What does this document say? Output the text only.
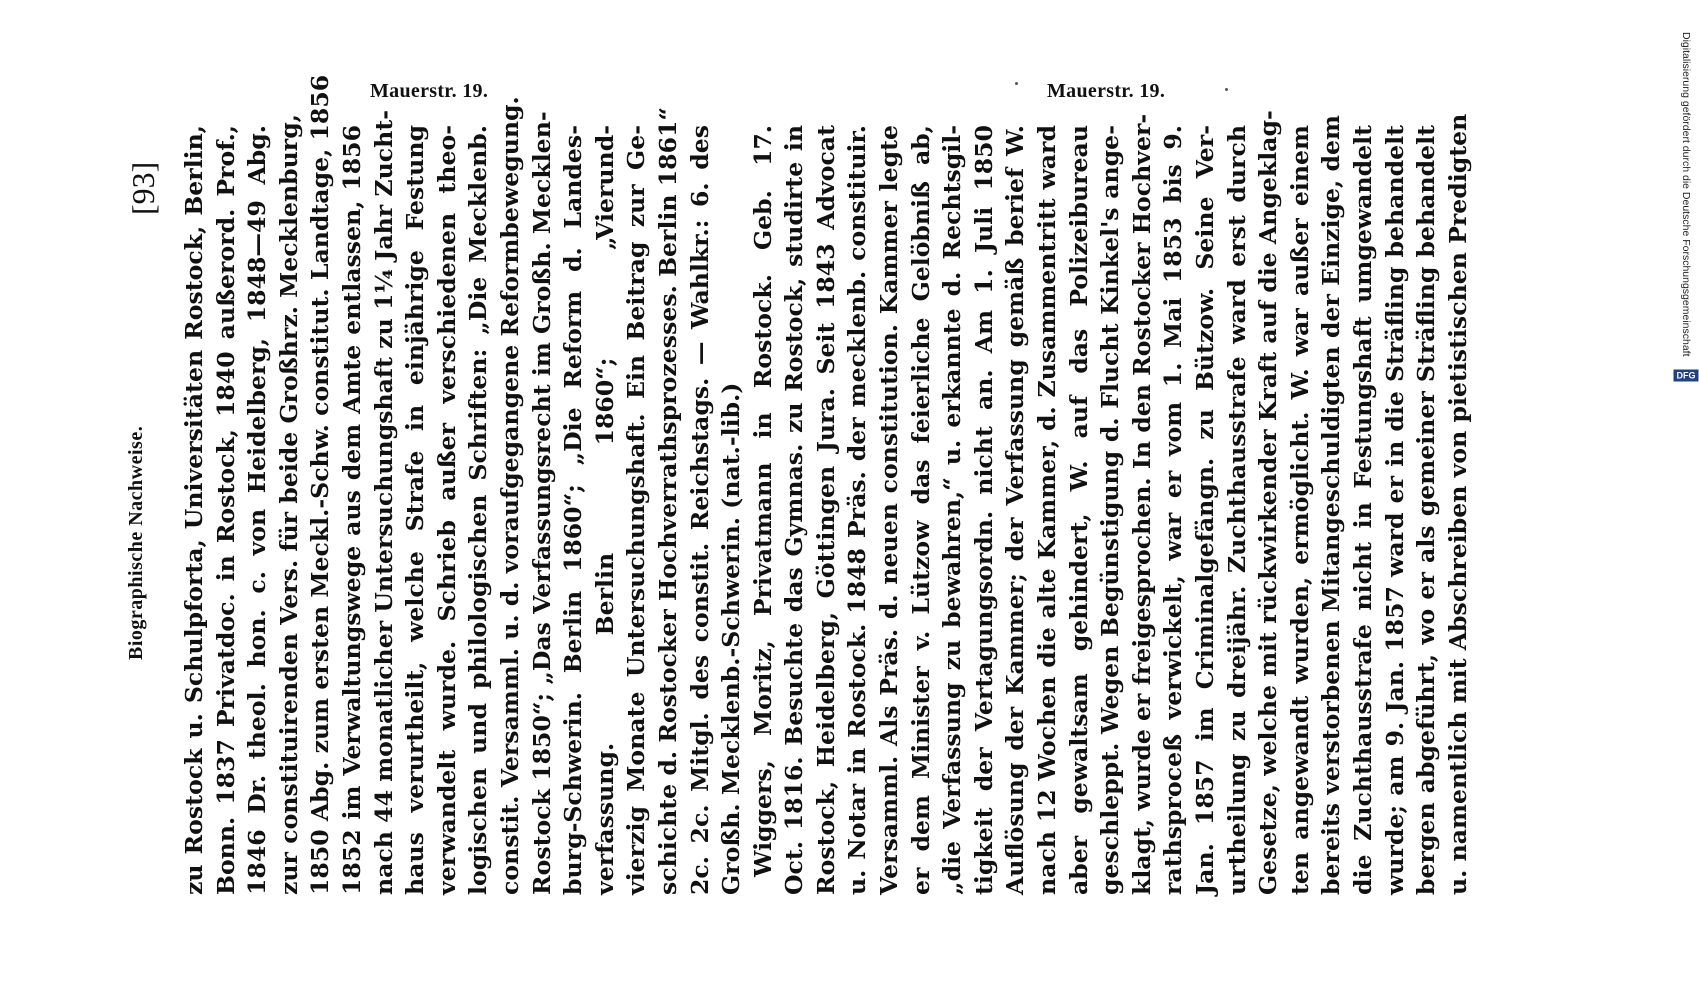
Mauerstr. 19.	Mauerstr. 19.
[93]
Biographische Nachweise. zu Rostock u. Schulpforta, Universitäten Rostock, Berlin, Bonn. 1837 Privatdoc. in Rostock, 1840 außerord. Prof., 1846 Dr. theol. hon. c. von Heidelberg, 1848—49 Abg. zur constituirenden Vers. für beide Großhrz. Mecklenburg, 1850 Abg. zum ersten Meckl.-Schw. constitut. Landtage, 1856 1852 im Verwaltungswege aus dem Amte entlassen, 1856 nach 44 monatlicher Untersuchungshaft zu 1¼ Jahr Zucht- haus verurtheilt, welche Strafe in einjährige Festung verwandelt wurde. Schrieb außer verschiedenen theo- logischen und philologischen Schriften: „Die Mecklenb. constit. Versamml. u. d. voraufgegangene Reformbewegung. Rostock 1850“; „Das Verfassungsrecht im Großh. Mecklen- burg-Schwerin. Berlin 1860“; „Die Reform d. Landes- verfassung. Berlin 1860“; „Vierund- vierzig Monate Untersuchungshaft. Ein Beitrag zur Ge- schichte d. Rostocker Hochverrathsprozesses. Berlin 1861“ 2c. 2c. Mitgl. des constit. Reichstags. — Wahlkr.: 6. des Großh. Mecklenb.-Schwerin. (nat.-lib.) Wiggers, Moritz, Privatmann in Rostock. Geb. 17. Oct. 1816. Besuchte das Gymnas. zu Rostock, studirte in Rostock, Heidelberg, Göttingen Jura. Seit 1843 Advocat u. Notar in Rostock. 1848 Präs. der mecklenb. constituir. Versamml. Als Präs. d. neuen constitution. Kammer legte er dem Minister v. Lützow das feierliche Gelöbniß ab, „die Verfassung zu bewahren,“ u. erkannte d. Rechtsgil- tigkeit der Vertagungsordn. nicht an. Am 1. Juli 1850 Auflösung der Kammer; der Verfassung gemäß berief W. nach 12 Wochen die alte Kammer, d. Zusammentritt ward aber gewaltsam gehindert, W. auf das Polizeibureau geschleppt. Wegen Begünstigung d. Flucht Kinkel's ange- klagt, wurde er freigesprochen. In den Rostocker Hochver- rathsproceß verwickelt, war er vom 1. Mai 1853 bis 9. Jan. 1857 im Criminalgefängn. zu Bützow. Seine Ver- urtheilung zu dreijähr. Zuchthausstrafe ward erst durch Gesetze, welche mit rückwirkender Kraft auf die Angeklag- ten angewandt wurden, ermöglicht. W. war außer einem bereits verstorbenen Mitangeschuldigten der Einzige, dem die Zuchthausstrafe nicht in Festungshaft umgewandelt wurde; am 9. Jan. 1857 ward er in die Sträfling behandelt bergen abgeführt, wo er als gemeiner Sträfling behandelt u. namentlich mit Abschreiben von pietistischen Predigten	Digitalisierung gefördert durch die Deutsche Forschungsgemeinschaft
DFG
